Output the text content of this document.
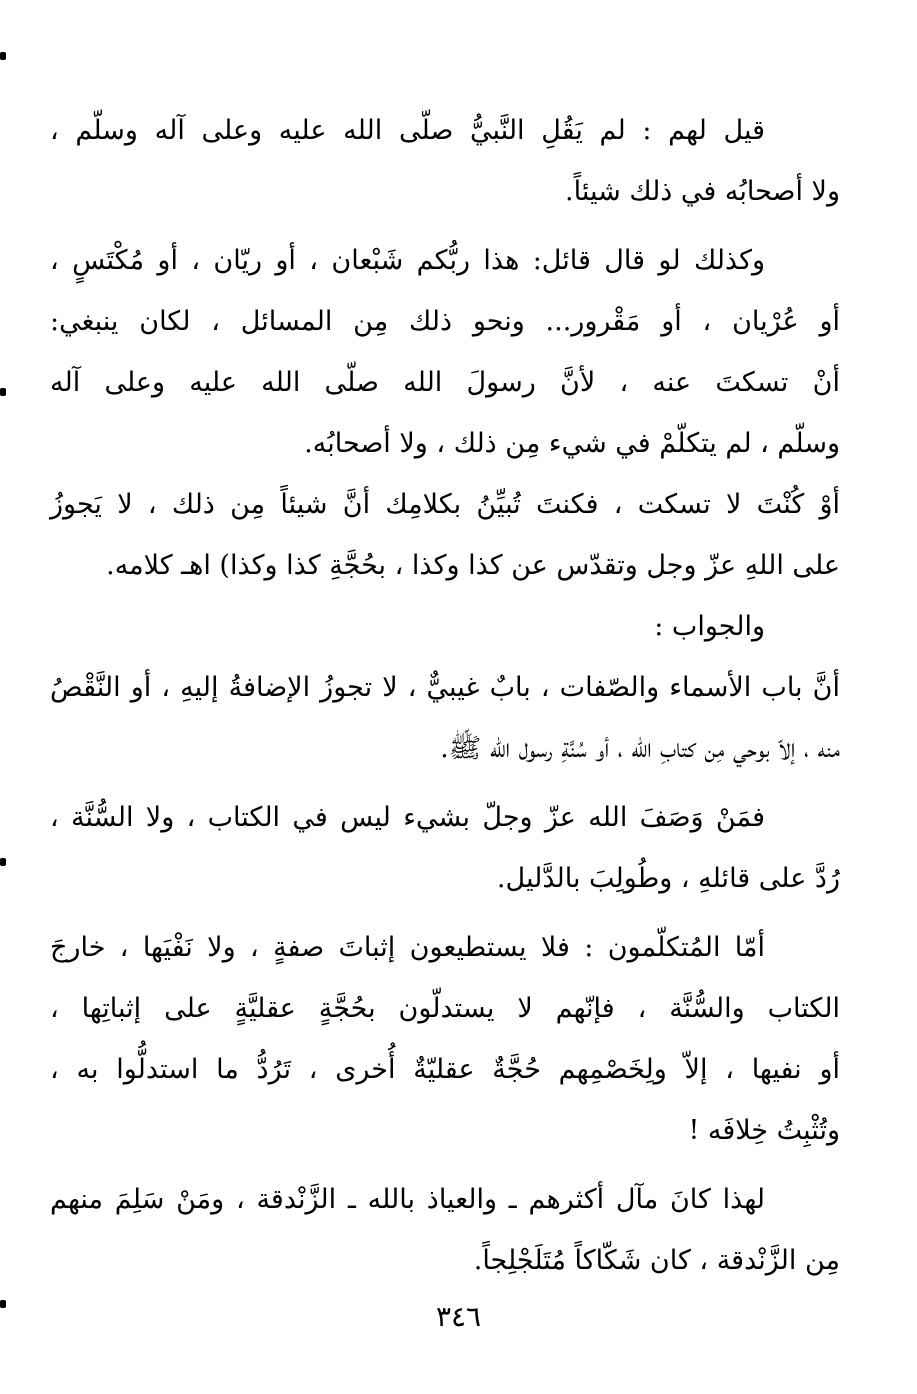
قيل لهم : لم يَقُلِ النَّبيُّ صلّى الله عليه وعلى آله وسلّم ،
ولا أصحابُه في ذلك شيئاً.

وكذلك لو قال قائل: هذا ربُّكم شَبْعان ، أو ريّان ، أو مُكْتَسٍ ،
أو عُرْيان ، أو مَقْرور... ونحو ذلك مِن المسائل ، لكان ينبغي:
أنْ تسكتَ عنه ، لأنَّ رسولَ الله صلّى الله عليه وعلى آله
وسلّم ، لم يتكلّمْ في شيء مِن ذلك ، ولا أصحابُه.

أوْ كُنْتَ لا تسكت ، فكنتَ تُبيِّنُ بكلامِك أنَّ شيئاً مِن ذلك ، لا يَجوزُ
على اللهِ عزّ وجل وتقدّس عن كذا وكذا ، بحُجَّةِ كذا وكذا) اهـ كلامه.

والجواب :

أنَّ باب الأسماء والصّفات ، بابٌ غيبيٌّ ، لا تجوزُ الإضافةُ إليهِ ، أو النَّقْصُ
منه ، إلاّ بوحي مِن كتابِ الله ، أو سُنَّةِ رسول الله ﷺ.

فمَنْ وَصَفَ الله عزّ وجلّ بشيء ليس في الكتاب ، ولا السُّنَّة ،
رُدَّ على قائلهِ ، وطُولِبَ بالدَّليل.

أمّا المُتكلّمون : فلا يستطيعون إثباتَ صفةٍ ، ولا نَفْيَها ، خارجَ
الكتاب والسُّنَّة ، فإنّهم لا يستدلّون بحُجَّةٍ عقليَّةٍ على إثباتِها ،
أو نفيها ، إلاّ ولِخَصْمِهم حُجَّةٌ عقليّةٌ أُخرى ، تَرُدُّ ما استدلُّوا به ،
وتُثْبِتُ خِلافَه !

لهذا كانَ مآل أكثرهم ـ والعياذ بالله ـ الزَّنْدقة ، ومَنْ سَلِمَ منهم
مِن الزَّنْدقة ، كان شَكّاكاً مُتَلَجْلِجاً.

٣٤٦
